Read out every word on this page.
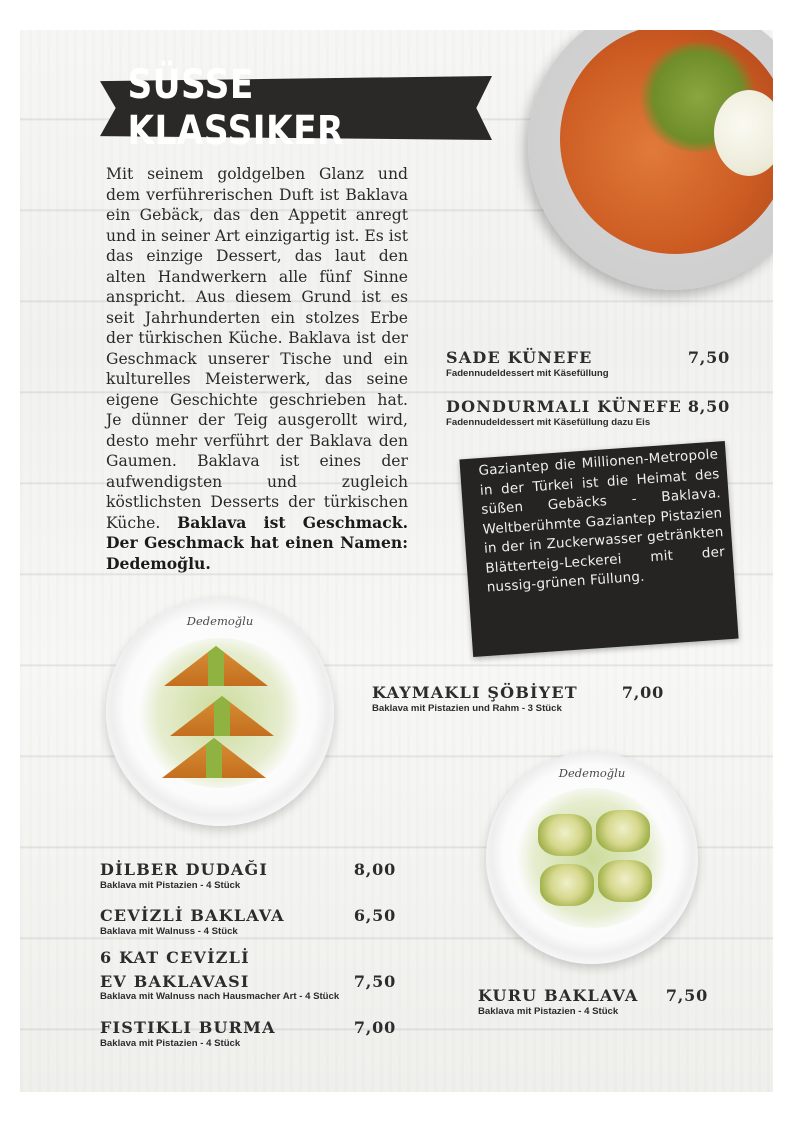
SÜSSE KLASSIKER
Mit seinem goldgelben Glanz und dem verführerischen Duft ist Baklava ein Gebäck, das den Appetit anregt und in seiner Art einzigartig ist. Es ist das einzige Dessert, das laut den alten Handwerkern alle fünf Sinne anspricht. Aus diesem Grund ist es seit Jahrhunderten ein stolzes Erbe der türkischen Küche. Baklava ist der Geschmack unserer Tische und ein kulturelles Meisterwerk, das seine eigene Geschichte geschrieben hat. Je dünner der Teig ausgerollt wird, desto mehr verführt der Baklava den Gaumen. Baklava ist eines der aufwendigsten und zugleich köstlichsten Desserts der türkischen Küche. Baklava ist Geschmack. Der Geschmack hat einen Namen: Dedemoğlu.
SADE KÜNEFE	7,50
Fadennudeldessert mit Käsefüllung
DONDURMALI KÜNEFE 8,50
Fadennudeldessert mit Käsefüllung dazu Eis
Gaziantep die Millionen-Metropole in der Türkei ist die Heimat des süßen Gebäcks - Baklava. Weltberühmte Gaziantep Pistazien in der in Zuckerwasser getränkten Blätterteig-Leckerei mit der nussig-grünen Füllung.
Dedemoğlu
KAYMAKLI ŞÖBİYET	7,00
Baklava mit Pistazien und Rahm - 3 Stück
Dedemoğlu
DİLBER DUDAĞI	8,00
Baklava mit Pistazien - 4 Stück
CEVİZLİ BAKLAVA	6,50
Baklava mit Walnuss - 4 Stück
6 KAT CEVİZLİ
EV BAKLAVASI	7,50
Baklava mit Walnuss nach Hausmacher Art - 4 Stück
FISTIKLI BURMA	7,00
Baklava mit Pistazien - 4 Stück
KURU BAKLAVA 7,50
Baklava mit Pistazien - 4 Stück
